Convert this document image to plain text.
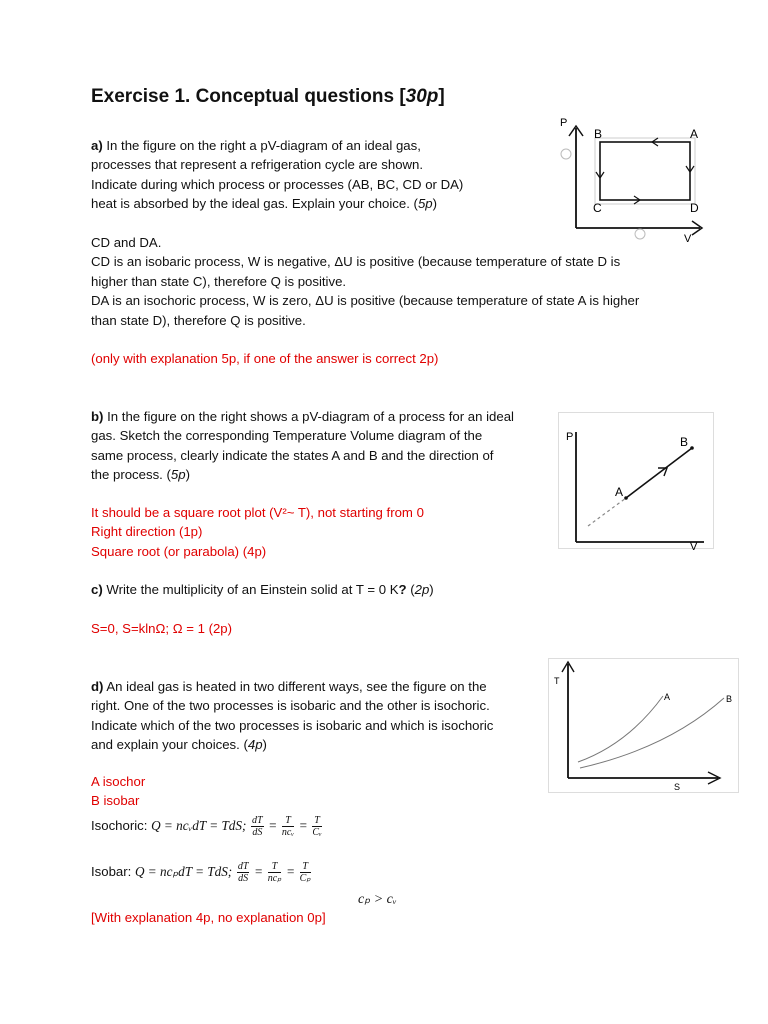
Exercise 1. Conceptual questions [30p]
a) In the figure on the right a pV-diagram of an ideal gas,
processes that represent a refrigeration cycle are shown.
Indicate during which process or processes (AB, BC, CD or DA)
heat is absorbed by the ideal gas. Explain your choice. (5p)
CD and DA.
CD is an isobaric process, W is negative, ΔU is positive (because temperature of state D is
higher than state C), therefore Q is positive.
DA is an isochoric process, W is zero, ΔU is positive (because temperature of state A is higher
than state D), therefore Q is positive.
(only with explanation 5p, if one of the answer is correct 2p)
P
V
B	A
C	D
b) In the figure on the right shows a pV-diagram of a process for an ideal
gas. Sketch the corresponding Temperature Volume diagram of the
same process, clearly indicate the states A and B and the direction of
the process. (5p)
It should be a square root plot (V²~ T), not starting from 0
Right direction (1p)
Square root (or parabola) (4p)
P
V
A
B
c) Write the multiplicity of an Einstein solid at T = 0 K? (2p)
S=0, S=klnΩ; Ω = 1 (2p)
d) An ideal gas is heated in two different ways, see the figure on the
right. One of the two processes is isobaric and the other is isochoric.
Indicate which of the two processes is isobaric and which is isochoric
and explain your choices. (4p)
A isochor
B isobar
Isochoric: Q = ncᵥdT = TdS; $\frac{dT}{dS} = \frac{T}{\text{ncᵥ}} = \frac{T}{\text{Cᵥ}}$
Isobar: Q = ncₚdT = TdS; $\frac{dT}{dS} = \frac{T}{\text{ncₚ}} = \frac{T}{\text{Cₚ}}$
cₚ > cᵥ
[With explanation 4p, no explanation 0p]
T
S
A	B
